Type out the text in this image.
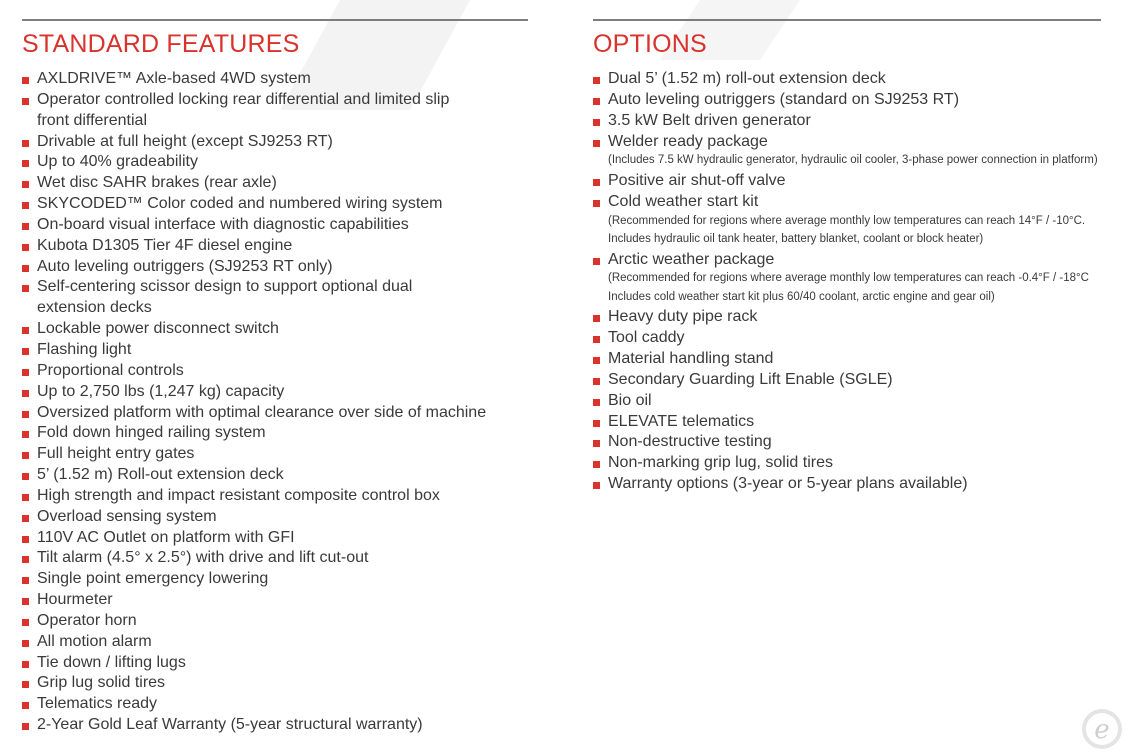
STANDARD FEATURES
AXLDRIVE™ Axle-based 4WD system
Operator controlled locking rear differential and limited slip
front differential
Drivable at full height (except SJ9253 RT)
Up to 40% gradeability
Wet disc SAHR brakes (rear axle)
SKYCODED™ Color coded and numbered wiring system
On-board visual interface with diagnostic capabilities
Kubota D1305 Tier 4F diesel engine
Auto leveling outriggers (SJ9253 RT only)
Self-centering scissor design to support optional dual
extension decks
Lockable power disconnect switch
Flashing light
Proportional controls
Up to 2,750 lbs (1,247 kg) capacity
Oversized platform with optimal clearance over side of machine
Fold down hinged railing system
Full height entry gates
5’ (1.52 m) Roll-out extension deck
High strength and impact resistant composite control box
Overload sensing system
110V AC Outlet on platform with GFI
Tilt alarm (4.5° x 2.5°) with drive and lift cut-out
Single point emergency lowering
Hourmeter
Operator horn
All motion alarm
Tie down / lifting lugs
Grip lug solid tires
Telematics ready
2-Year Gold Leaf Warranty (5-year structural warranty)
OPTIONS
Dual 5’ (1.52 m) roll-out extension deck
Auto leveling outriggers (standard on SJ9253 RT)
3.5 kW Belt driven generator
Welder ready package
(Includes 7.5 kW hydraulic generator, hydraulic oil cooler, 3-phase power connection in platform)
Positive air shut-off valve
Cold weather start kit
(Recommended for regions where average monthly low temperatures can reach 14°F / -10°C.
Includes hydraulic oil tank heater, battery blanket, coolant or block heater)
Arctic weather package
(Recommended for regions where average monthly low temperatures can reach -0.4°F / -18°C
Includes cold weather start kit plus 60/40 coolant, arctic engine and gear oil)
Heavy duty pipe rack
Tool caddy
Material handling stand
Secondary Guarding Lift Enable (SGLE)
Bio oil
ELEVATE telematics
Non-destructive testing
Non-marking grip lug, solid tires
Warranty options (3-year or 5-year plans available)
e
